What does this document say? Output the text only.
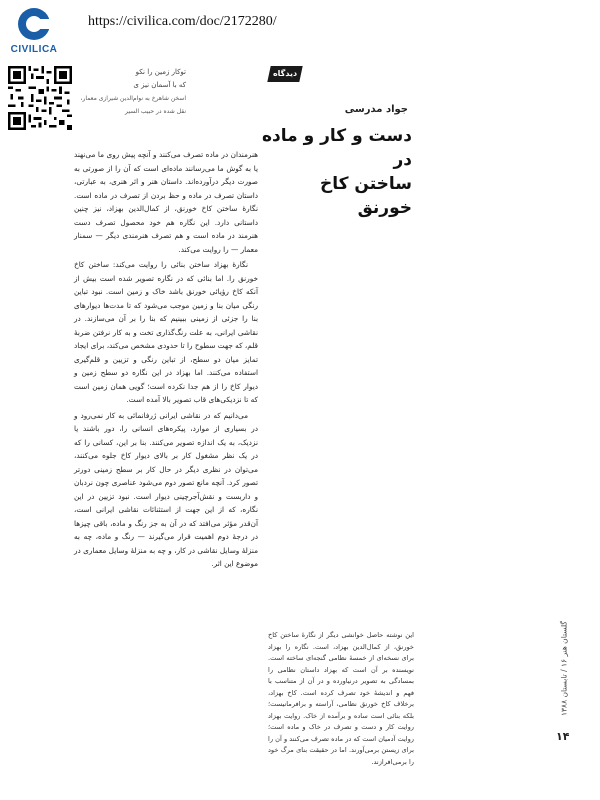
CIVILICA
https://civilica.com/doc/2172280/
توکار زمین را نکو
که با آسمان نیز ی
اسخن شاهرخ به نوام‌الدین شیرازی معمار، نقل شده در حبیب السیر
دیدگاه
جواد مدرسی
دست و کار و ماده در
ساختن کاخ خورنق

هنرمندان در ماده تصرف می‌کنند و آنچه پیش روی ما می‌نهند یا به گوش ما می‌رسانند ماده‌ای است که آن را از صورتی به صورت دیگر درآورده‌اند. داستان هنر و اثر هنری، به عبارتی، داستان تصرف در ماده و حظ بردن از تصرف در ماده است. نگارهٔ ساختن کاخ خورنق، از کمال‌الدین بهزاد، نیز چنین داستانی دارد. این نگاره هم خود محصول تصرف دست هنرمند در ماده است و هم تصرف هنرمندی دیگر — سمنار معمار — را روایت می‌کند.

نگارهٔ بهزاد ساختن بنائی را روایت می‌کند: ساختن کاخ خورنق را. اما بنائی که در نگاره تصویر شده است بیش از آنکه کاخ رؤیائی خورنق باشد خاک و زمین است. نبود تباین رنگی میان بنا و زمین موجب می‌شود که تا مدت‌ها دیوارهای بنا را جزئی از زمینی ببینیم که بنا را بر آن می‌سازند. در نقاشی ایرانی، به علت رنگ‌گذاری تخت و به کار نرفتن ضربهٔ قلم، که جهت سطوح را تا حدودی مشخص می‌کند، برای ایجاد تمایز میان دو سطح، از تباین رنگی و تزیین و قلم‌گیری استفاده می‌کنند. اما بهزاد در این نگاره دو سطح زمین و دیوار کاخ را از هم جدا نکرده است؛ گویی همان زمین است که تا نزدیکی‌های قاب تصویر بالا آمده است.

می‌دانیم که در نقاشی ایرانی ژرفانمائی به کار نمی‌رود و در بسیاری از موارد، پیکره‌های انسانی را، دور باشند یا نزدیک، به یک اندازه تصویر می‌کنند. بنا بر این، کسانی را که در یک نظر مشغول کار بر بالای دیوار کاخ جلوه می‌کنند، می‌توان در نظری دیگر در حال کار بر سطح زمینی دورتر تصور کرد. آنچه مانع تصور دوم می‌شود عناصری چون نردبان و داربست و نقش‌آجرچینی دیوار است. نبود تزیین در این نگاره، که از این جهت از استثنائات نقاشی ایرانی است، آن‌قدر مؤثر می‌افتد که در آن به جز رنگ و ماده، باقی چیزها در درجهٔ دوم اهمیت قرار می‌گیرند — رنگ و ماده، چه به منزلهٔ وسایل نقاشی در کار، و چه به منزلهٔ وسایل معماری در موضوع این اثر.

این نوشته حاصل خوانشی دیگر از نگارهٔ ساختن کاخ خورنق، از کمال‌الدین بهزاد، است. نگاره را بهزاد برای نسخه‌ای از خمسهٔ نظامی گنجه‌ای ساخته است. نویسنده بر آن است که بهزاد داستان نظامی را بمسادگی به تصویر درنیاورده و در آن از متناسب با فهم و اندیشهٔ خود تصرف کرده است. کاخ بهزاد، برخلاف کاخ خورنق نظامی، آراسته و برافرمانیست؛ بلکه بنائی است ساده و برآمده از خاک. روایت بهزاد روایت کار و دست و تصرف در خاک و ماده است؛ روایت آدمیان است که در ماده تصرف می‌کنند و آن را برای زیستن برمی‌آورند. اما در حقیقت بنای مرگ خود را برمی‌افرازند.
گلستان هنر ۱۶ / تابستان ۱۳۸۸
۱۴
